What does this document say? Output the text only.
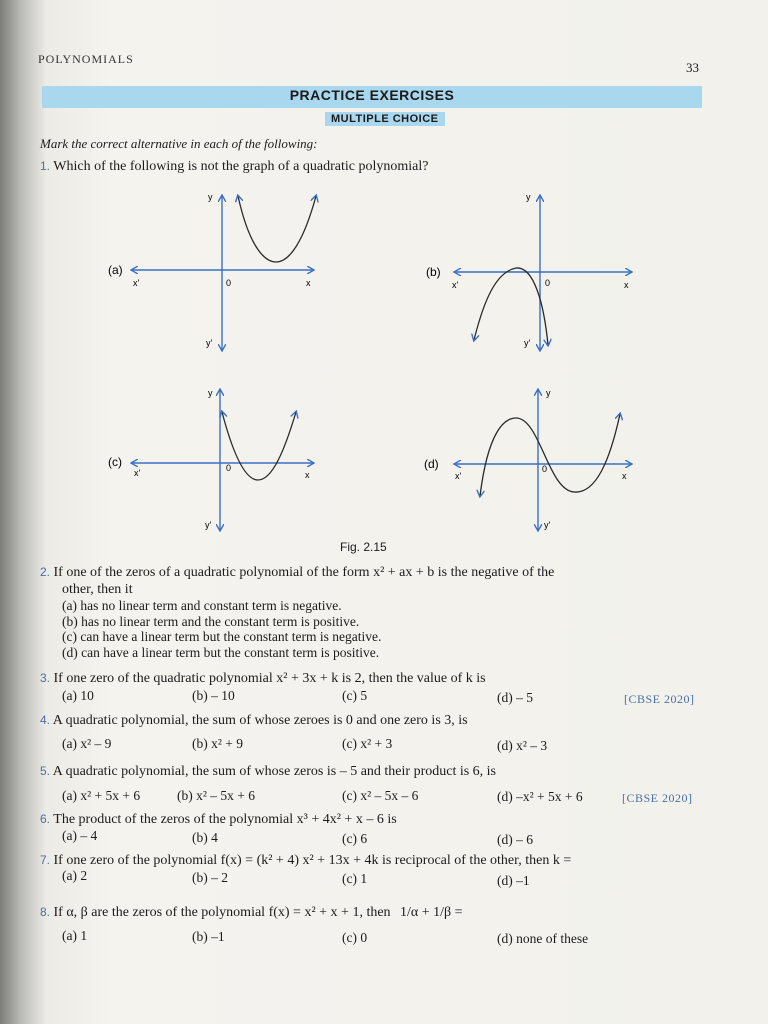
POLYNOMIALS
33
PRACTICE EXERCISES
MULTIPLE CHOICE
Mark the correct alternative in each of the following:
1. Which of the following is not the graph of a quadratic polynomial?
(a)	(b)
(c)	(d)
y
0	x
x'
y'
y
0	x
x'
y'
y
0
x
x'
y'
y
0
x
x'
y'
Fig. 2.15
2. If one of the zeros of a quadratic polynomial of the form x² + ax + b is the negative of the
other, then it
(a) has no linear term and constant term is negative.
(b) has no linear term and the constant term is positive.
(c) can have a linear term but the constant term is negative.
(d) can have a linear term but the constant term is positive.
3. If one zero of the quadratic polynomial x² + 3x + k is 2, then the value of k is
(a) 10	(b) – 10	(c) 5	(d) – 5	[CBSE 2020]
4. A quadratic polynomial, the sum of whose zeroes is 0 and one zero is 3, is
(a) x² – 9	(b) x² + 9	(c) x² + 3	(d) x² – 3
5. A quadratic polynomial, the sum of whose zeros is – 5 and their product is 6, is
(a) x² + 5x + 6	(b) x² – 5x + 6	(c) x² – 5x – 6	(d) –x² + 5x + 6	[CBSE 2020]
6. The product of the zeros of the polynomial x³ + 4x² + x – 6 is
(a) – 4	(b) 4	(c) 6	(d) – 6
7. If one zero of the polynomial f(x) = (k² + 4) x² + 13x + 4k is reciprocal of the other, then k =
(a) 2	(b) – 2	(c) 1	(d) –1
8. If α, β are the zeros of the polynomial f(x) = x² + x + 1, then 1/α + 1/β =
(a) 1	(b) –1	(c) 0	(d) none of these
